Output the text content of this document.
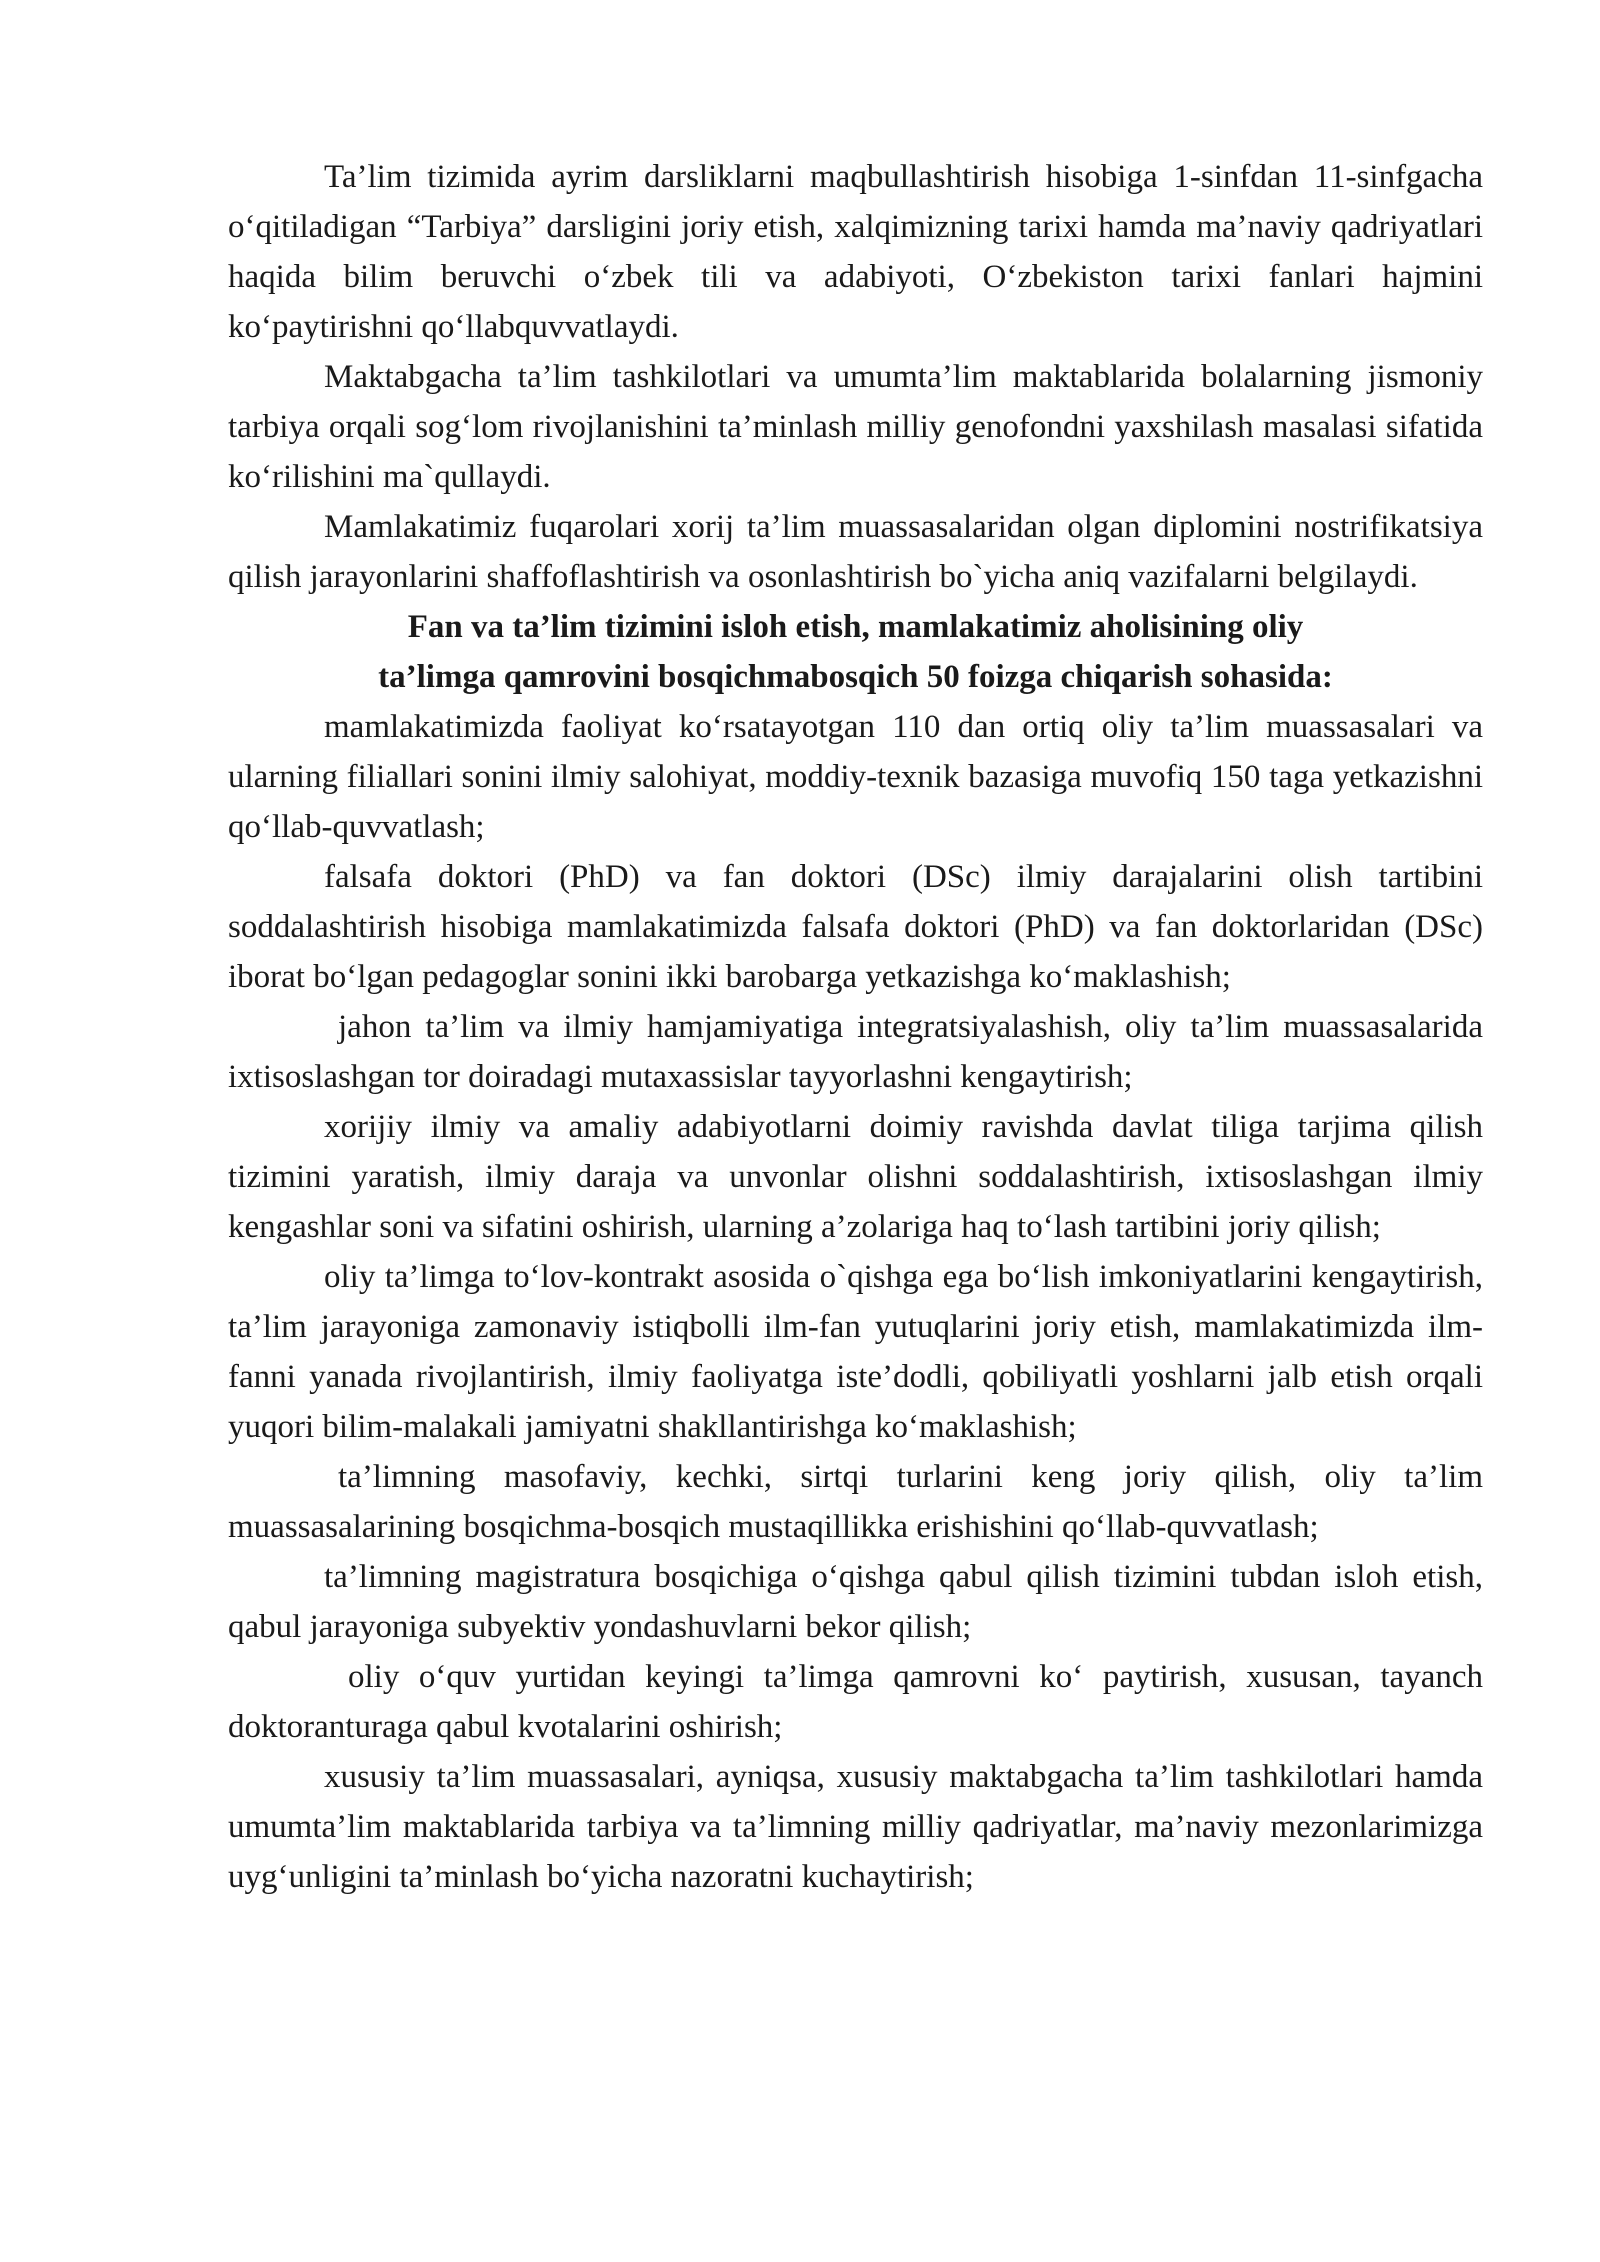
Ta’lim tizimida ayrim darsliklarni maqbullashtirish hisobiga 1-sinfdan 11-sinfgacha o‘qitiladigan “Tarbiya” darsligini joriy etish, xalqimizning tarixi hamda ma’naviy qadriyatlari haqida bilim beruvchi o‘zbek tili va adabiyoti, O‘zbekiston tarixi fanlari hajmini ko‘paytirishni qo‘llabquvvatlaydi.

Maktabgacha ta’lim tashkilotlari va umumta’lim maktablarida bolalarning jismoniy tarbiya orqali sog‘lom rivojlanishini ta’minlash milliy genofondni yaxshilash masalasi sifatida ko‘rilishini ma`qullaydi.

Mamlakatimiz fuqarolari xorij ta’lim muassasalaridan olgan diplomini nostrifikatsiya qilish jarayonlarini shaffoflashtirish va osonlashtirish bo`yicha aniq vazifalarni belgilaydi.

Fan va ta’lim tizimini isloh etish, mamlakatimiz aholisining oliy
ta’limga qamrovini bosqichmabosqich 50 foizga chiqarish sohasida:

mamlakatimizda faoliyat ko‘rsatayotgan 110 dan ortiq oliy ta’lim muassasalari va ularning filiallari sonini ilmiy salohiyat, moddiy-texnik bazasiga muvofiq 150 taga yetkazishni qo‘llab-quvvatlash;

falsafa doktori (PhD) va fan doktori (DSc) ilmiy darajalarini olish tartibini soddalashtirish hisobiga mamlakatimizda falsafa doktori (PhD) va fan doktorlaridan (DSc) iborat bo‘lgan pedagoglar sonini ikki barobarga yetkazishga ko‘maklashish;

jahon ta’lim va ilmiy hamjamiyatiga integratsiyalashish, oliy ta’lim muassasalarida ixtisoslashgan tor doiradagi mutaxassislar tayyorlashni kengaytirish;

xorijiy ilmiy va amaliy adabiyotlarni doimiy ravishda davlat tiliga tarjima qilish tizimini yaratish, ilmiy daraja va unvonlar olishni soddalashtirish, ixtisoslashgan ilmiy kengashlar soni va sifatini oshirish, ularning a’zolariga haq to‘lash tartibini joriy qilish;

oliy ta’limga to‘lov-kontrakt asosida o`qishga ega bo‘lish imkoniyatlarini kengaytirish, ta’lim jarayoniga zamonaviy istiqbolli ilm-fan yutuqlarini joriy etish, mamlakatimizda ilm-fanni yanada rivojlantirish, ilmiy faoliyatga iste’dodli, qobiliyatli yoshlarni jalb etish orqali yuqori bilim-malakali jamiyatni shakllantirishga ko‘maklashish;

ta’limning masofaviy, kechki, sirtqi turlarini keng joriy qilish, oliy ta’lim muassasalarining bosqichma-bosqich mustaqillikka erishishini qo‘llab-quvvatlash;

ta’limning magistratura bosqichiga o‘qishga qabul qilish tizimini tubdan isloh etish, qabul jarayoniga subyektiv yondashuvlarni bekor qilish;

oliy o‘quv yurtidan keyingi ta’limga qamrovni ko‘ paytirish, xususan, tayanch doktoranturaga qabul kvotalarini oshirish;

xususiy ta’lim muassasalari, ayniqsa, xususiy maktabgacha ta’lim tashkilotlari hamda umumta’lim maktablarida tarbiya va ta’limning milliy qadriyatlar, ma’naviy mezonlarimizga uyg‘unligini ta’minlash bo‘yicha nazoratni kuchaytirish;
